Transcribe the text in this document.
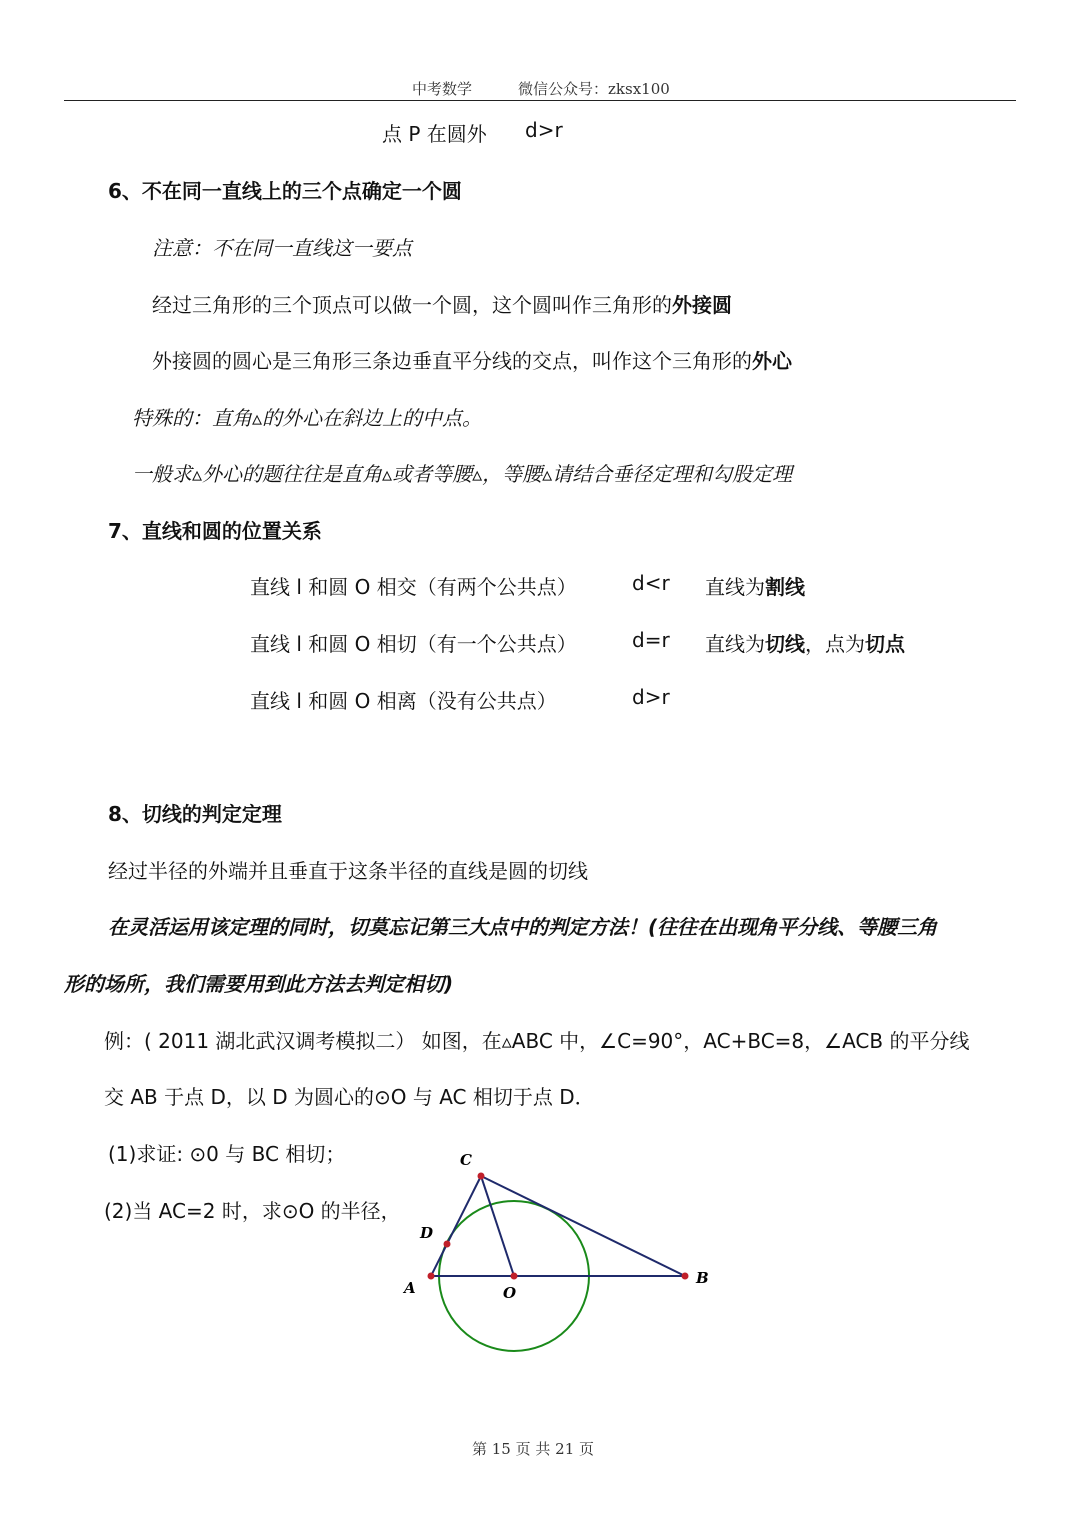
中考数学	微信公众号：zksx100
点 P 在圆外 d>r
6、不在同一直线上的三个点确定一个圆
注意：不在同一直线这一要点
经过三角形的三个顶点可以做一个圆，这个圆叫作三角形的外接圆
外接圆的圆心是三角形三条边垂直平分线的交点，叫作这个三角形的外心
特殊的：直角▵的外心在斜边上的中点。
一般求▵外心的题往往是直角▵或者等腰▵，等腰▵请结合垂径定理和勾股定理
7、直线和圆的位置关系
直线 l 和圆 O 相交（有两个公共点）	d<r 直线为割线
直线 l 和圆 O 相切（有一个公共点）	d=r 直线为切线，点为切点
直线 l 和圆 O 相离（没有公共点）	d>r
8、切线的判定定理
经过半径的外端并且垂直于这条半径的直线是圆的切线
在灵活运用该定理的同时，切莫忘记第三大点中的判定方法！(往往在出现角平分线、等腰三角
形的场所，我们需要用到此方法去判定相切)
例：( 2011 湖北武汉调考模拟二） 如图，在▵ABC 中，∠C=90°，AC+BC=8，∠ACB 的平分线
交 AB 于点 D，以 D 为圆心的⊙O 与 AC 相切于点 D．
(1)求证: ⊙0 与 BC 相切；
(2)当 AC=2 时，求⊙O 的半径，
C
D
A	O
B
第 15 页 共 21 页
